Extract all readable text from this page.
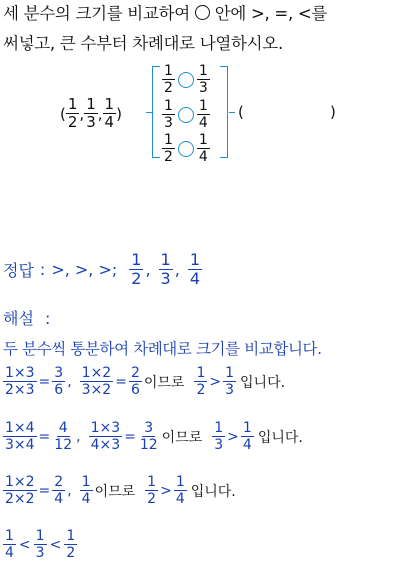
세 분수의 크기를 비교하여 안에 >, =, <를
써넣고, 큰 수부터 차례대로 나열하시오.
( $\frac{1}{2}$ , $\frac{1}{3}$ , $\frac{1}{4}$ )
$\frac{1}{2} \frac{1}{3}$
$\frac{1}{3} \frac{1}{4}$
$\frac{1}{2} \frac{1}{4}$
(	)
정답 : >, >, >; $\frac{1}{2}$ , $\frac{1}{3}$ , $\frac{1}{4}$
해설 :
두 분수씩 통분하여 차례대로 크기를 비교합니다.
$\frac{1\times 3}{2\times 3} = \frac{3}{6}$ , $\frac{1\times 2}{3\times 2} = \frac{2}{6}$ 이므로 $\frac{1}{2} > \frac{1}{3}$ 입니다.
$\frac{1\times 4}{3\times 4} = \frac{4}{12}$ , $\frac{1\times 3}{4\times 3} = \frac{3}{12}$ 이므로 $\frac{1}{3} > \frac{1}{4}$ 입니다.
$\frac{1\times 2}{2\times 2} = \frac{2}{4}$ , $\frac{1}{4}$ 이므로 $\frac{1}{2} > \frac{1}{4}$ 입니다.
$\frac{1}{4} < \frac{1}{3} < \frac{1}{2}$
